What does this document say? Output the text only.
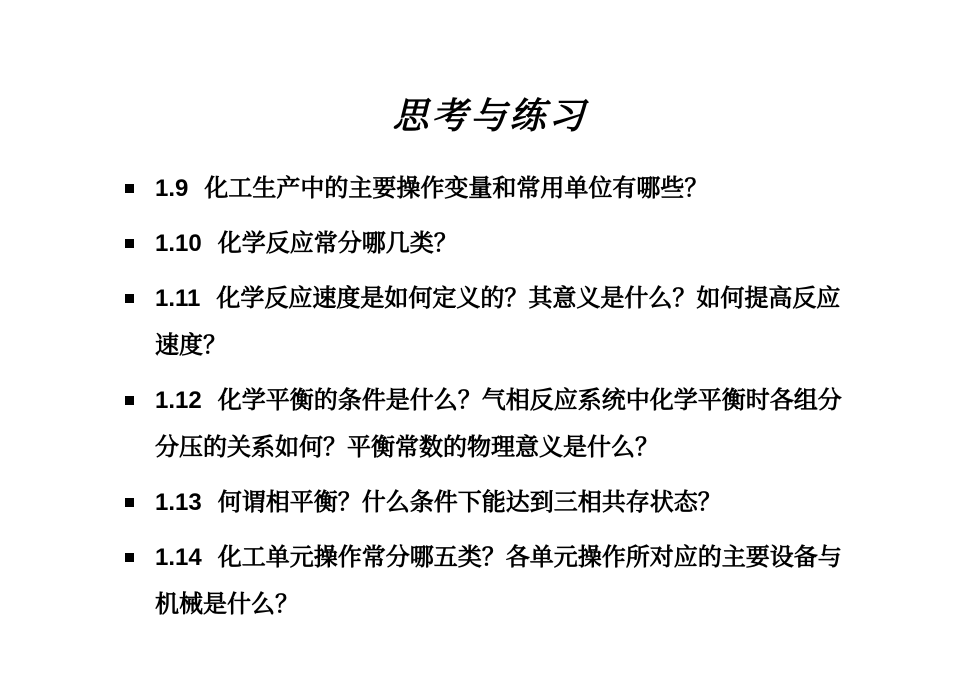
思考与练习
1.9 化工生产中的主要操作变量和常用单位有哪些？
1.10 化学反应常分哪几类？
1.11 化学反应速度是如何定义的？其意义是什么？如何提高反应速度？
1.12 化学平衡的条件是什么？气相反应系统中化学平衡时各组分分压的关系如何？平衡常数的物理意义是什么？
1.13 何谓相平衡？什么条件下能达到三相共存状态？
1.14 化工单元操作常分哪五类？各单元操作所对应的主要设备与机械是什么？
